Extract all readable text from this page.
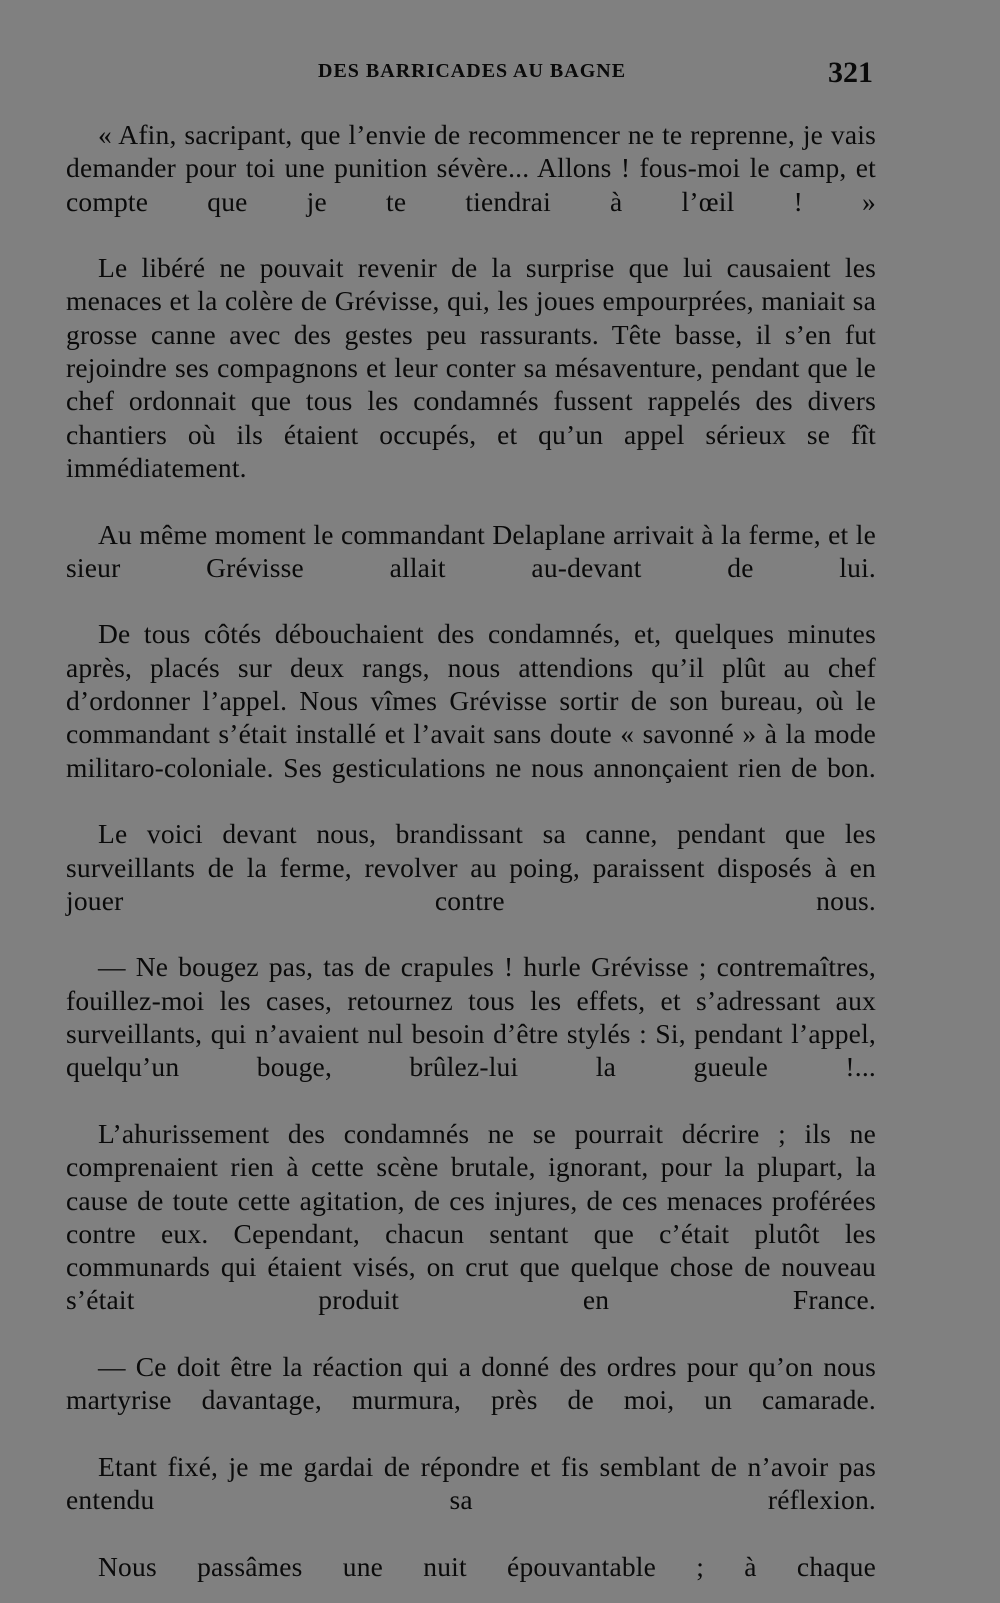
DES BARRICADES AU BAGNE	321

« Afin, sacripant, que l’envie de recommencer ne te reprenne, je vais demander pour toi une punition sévère... Allons ! fous-moi le camp, et compte que je te tiendrai à l’œil ! »

Le libéré ne pouvait revenir de la surprise que lui causaient les menaces et la colère de Grévisse, qui, les joues empourprées, maniait sa grosse canne avec des gestes peu rassurants. Tête basse, il s’en fut rejoindre ses compagnons et leur conter sa mésaventure, pendant que le chef ordonnait que tous les condamnés fussent rappelés des divers chantiers où ils étaient occupés, et qu’un appel sérieux se fît immédiatement.

Au même moment le commandant Delaplane arrivait à la ferme, et le sieur Grévisse allait au-devant de lui.

De tous côtés débouchaient des condamnés, et, quelques minutes après, placés sur deux rangs, nous attendions qu’il plût au chef d’ordonner l’appel. Nous vîmes Grévisse sortir de son bureau, où le commandant s’était installé et l’avait sans doute « savonné » à la mode militaro-coloniale. Ses gesticulations ne nous annonçaient rien de bon.

Le voici devant nous, brandissant sa canne, pendant que les surveillants de la ferme, revolver au poing, paraissent disposés à en jouer contre nous.

— Ne bougez pas, tas de crapules ! hurle Grévisse ; contremaîtres, fouillez-moi les cases, retournez tous les effets, et s’adressant aux surveillants, qui n’avaient nul besoin d’être stylés : Si, pendant l’appel, quelqu’un bouge, brûlez-lui la gueule !...

L’ahurissement des condamnés ne se pourrait décrire ; ils ne comprenaient rien à cette scène brutale, ignorant, pour la plupart, la cause de toute cette agitation, de ces injures, de ces menaces proférées contre eux. Cependant, chacun sentant que c’était plutôt les communards qui étaient visés, on crut que quelque chose de nouveau s’était produit en France.

— Ce doit être la réaction qui a donné des ordres pour qu’on nous martyrise davantage, murmura, près de moi, un camarade.

Etant fixé, je me gardai de répondre et fis semblant de n’avoir pas entendu sa réflexion.

Nous passâmes une nuit épouvantable ; à chaque
